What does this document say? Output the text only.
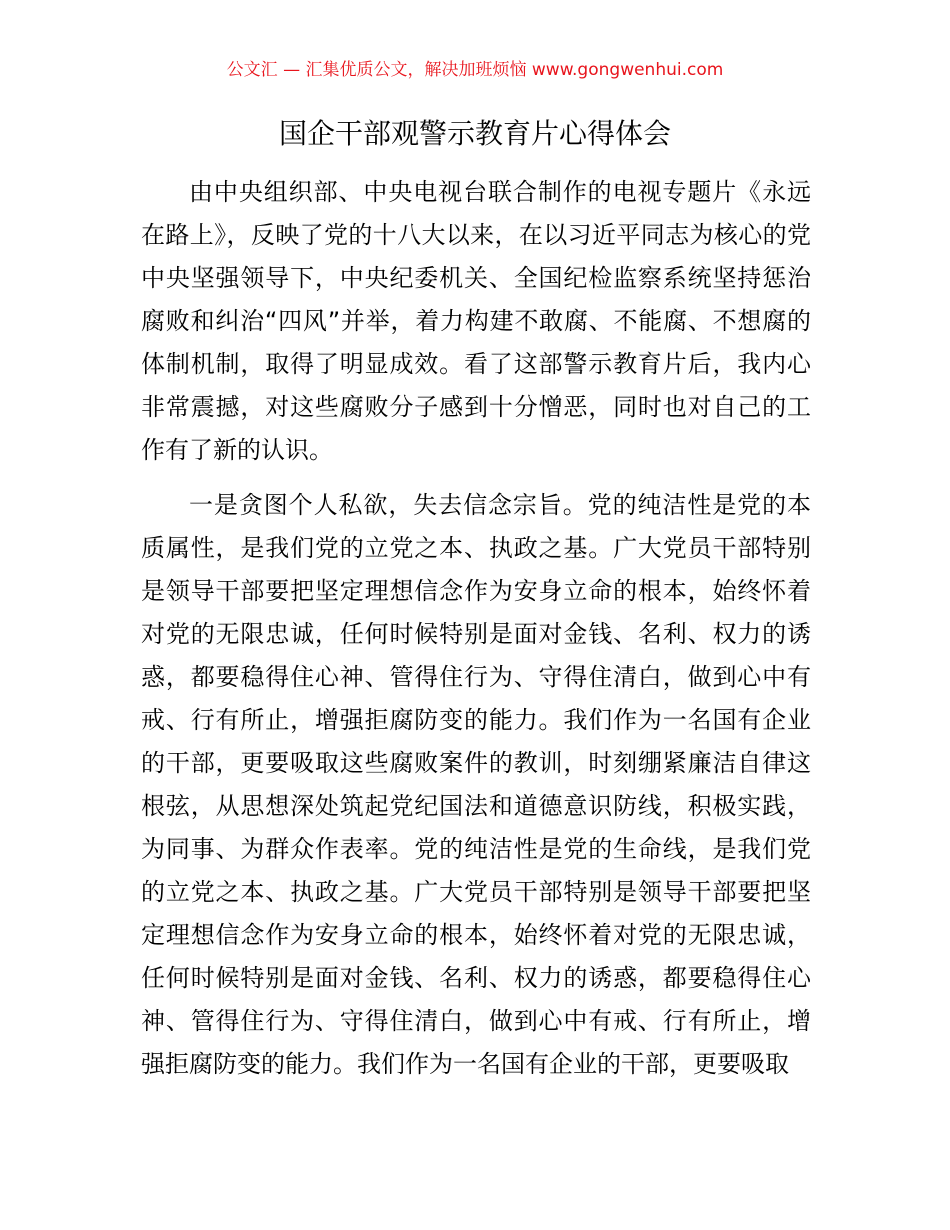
公文汇 — 汇集优质公文，解决加班烦恼 www.gongwenhui.com
国企干部观警示教育片心得体会

由中央组织部、中央电视台联合制作的电视专题片《永远在路上》，反映了党的十八大以来，在以习近平同志为核心的党中央坚强领导下，中央纪委机关、全国纪检监察系统坚持惩治腐败和纠治“四风”并举，着力构建不敢腐、不能腐、不想腐的体制机制，取得了明显成效。看了这部警示教育片后，我内心非常震撼，对这些腐败分子感到十分憎恶，同时也对自己的工作有了新的认识。

一是贪图个人私欲，失去信念宗旨。党的纯洁性是党的本质属性，是我们党的立党之本、执政之基。广大党员干部特别是领导干部要把坚定理想信念作为安身立命的根本，始终怀着对党的无限忠诚，任何时候特别是面对金钱、名利、权力的诱惑，都要稳得住心神、管得住行为、守得住清白，做到心中有戒、行有所止，增强拒腐防变的能力。我们作为一名国有企业的干部，更要吸取这些腐败案件的教训，时刻绷紧廉洁自律这根弦，从思想深处筑起党纪国法和道德意识防线，积极实践，为同事、为群众作表率。党的纯洁性是党的生命线，是我们党的立党之本、执政之基。广大党员干部特别是领导干部要把坚定理想信念作为安身立命的根本，始终怀着对党的无限忠诚，任何时候特别是面对金钱、名利、权力的诱惑，都要稳得住心神、管得住行为、守得住清白，做到心中有戒、行有所止，增强拒腐防变的能力。我们作为一名国有企业的干部，更要吸取
